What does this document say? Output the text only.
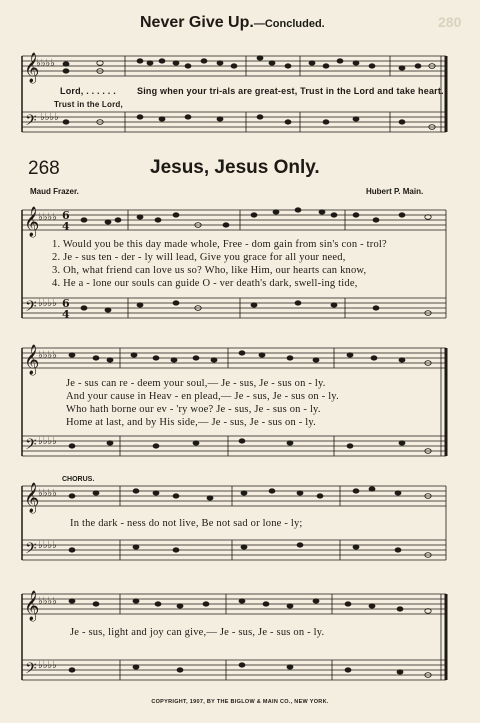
Never Give Up.—Concluded.	280
𝄞
𝄢
♭♭♭♭
♭♭♭♭
𝄞
𝄢
♭♭♭♭
♭♭♭♭
6
4
6
4
𝄞
𝄢
♭♭♭♭
♭♭♭♭
𝄞
𝄢
♭♭♭♭
♭♭♭♭
𝄞
𝄢
♭♭♭♭
♭♭♭♭
Lord, . . . . . . Sing when your tri-als are great-est, Trust in the Lord and take heart.
Trust in the Lord,
268	Jesus, Jesus Only.
Maud Frazer.	Hubert P. Main.
1. Would you be this day made whole, Free - dom gain from sin's con - trol?
2. Je - sus ten - der - ly will lead, Give you grace for all your need,
3. Oh, what friend can love us so? Who, like Him, our hearts can know,
4. He a - lone our souls can guide O - ver death's dark, swell-ing tide,
Je - sus can re - deem your soul,— Je - sus, Je - sus on - ly.
And your cause in Heav - en plead,— Je - sus, Je - sus on - ly.
Who hath borne our ev - 'ry woe? Je - sus, Je - sus on - ly.
Home at last, and by His side,— Je - sus, Je - sus on - ly.
CHORUS.
In the dark - ness do not live, Be not sad or lone - ly;
Je - sus, light and joy can give,— Je - sus, Je - sus on - ly.
COPYRIGHT, 1907, BY THE BIGLOW & MAIN CO., NEW YORK.
